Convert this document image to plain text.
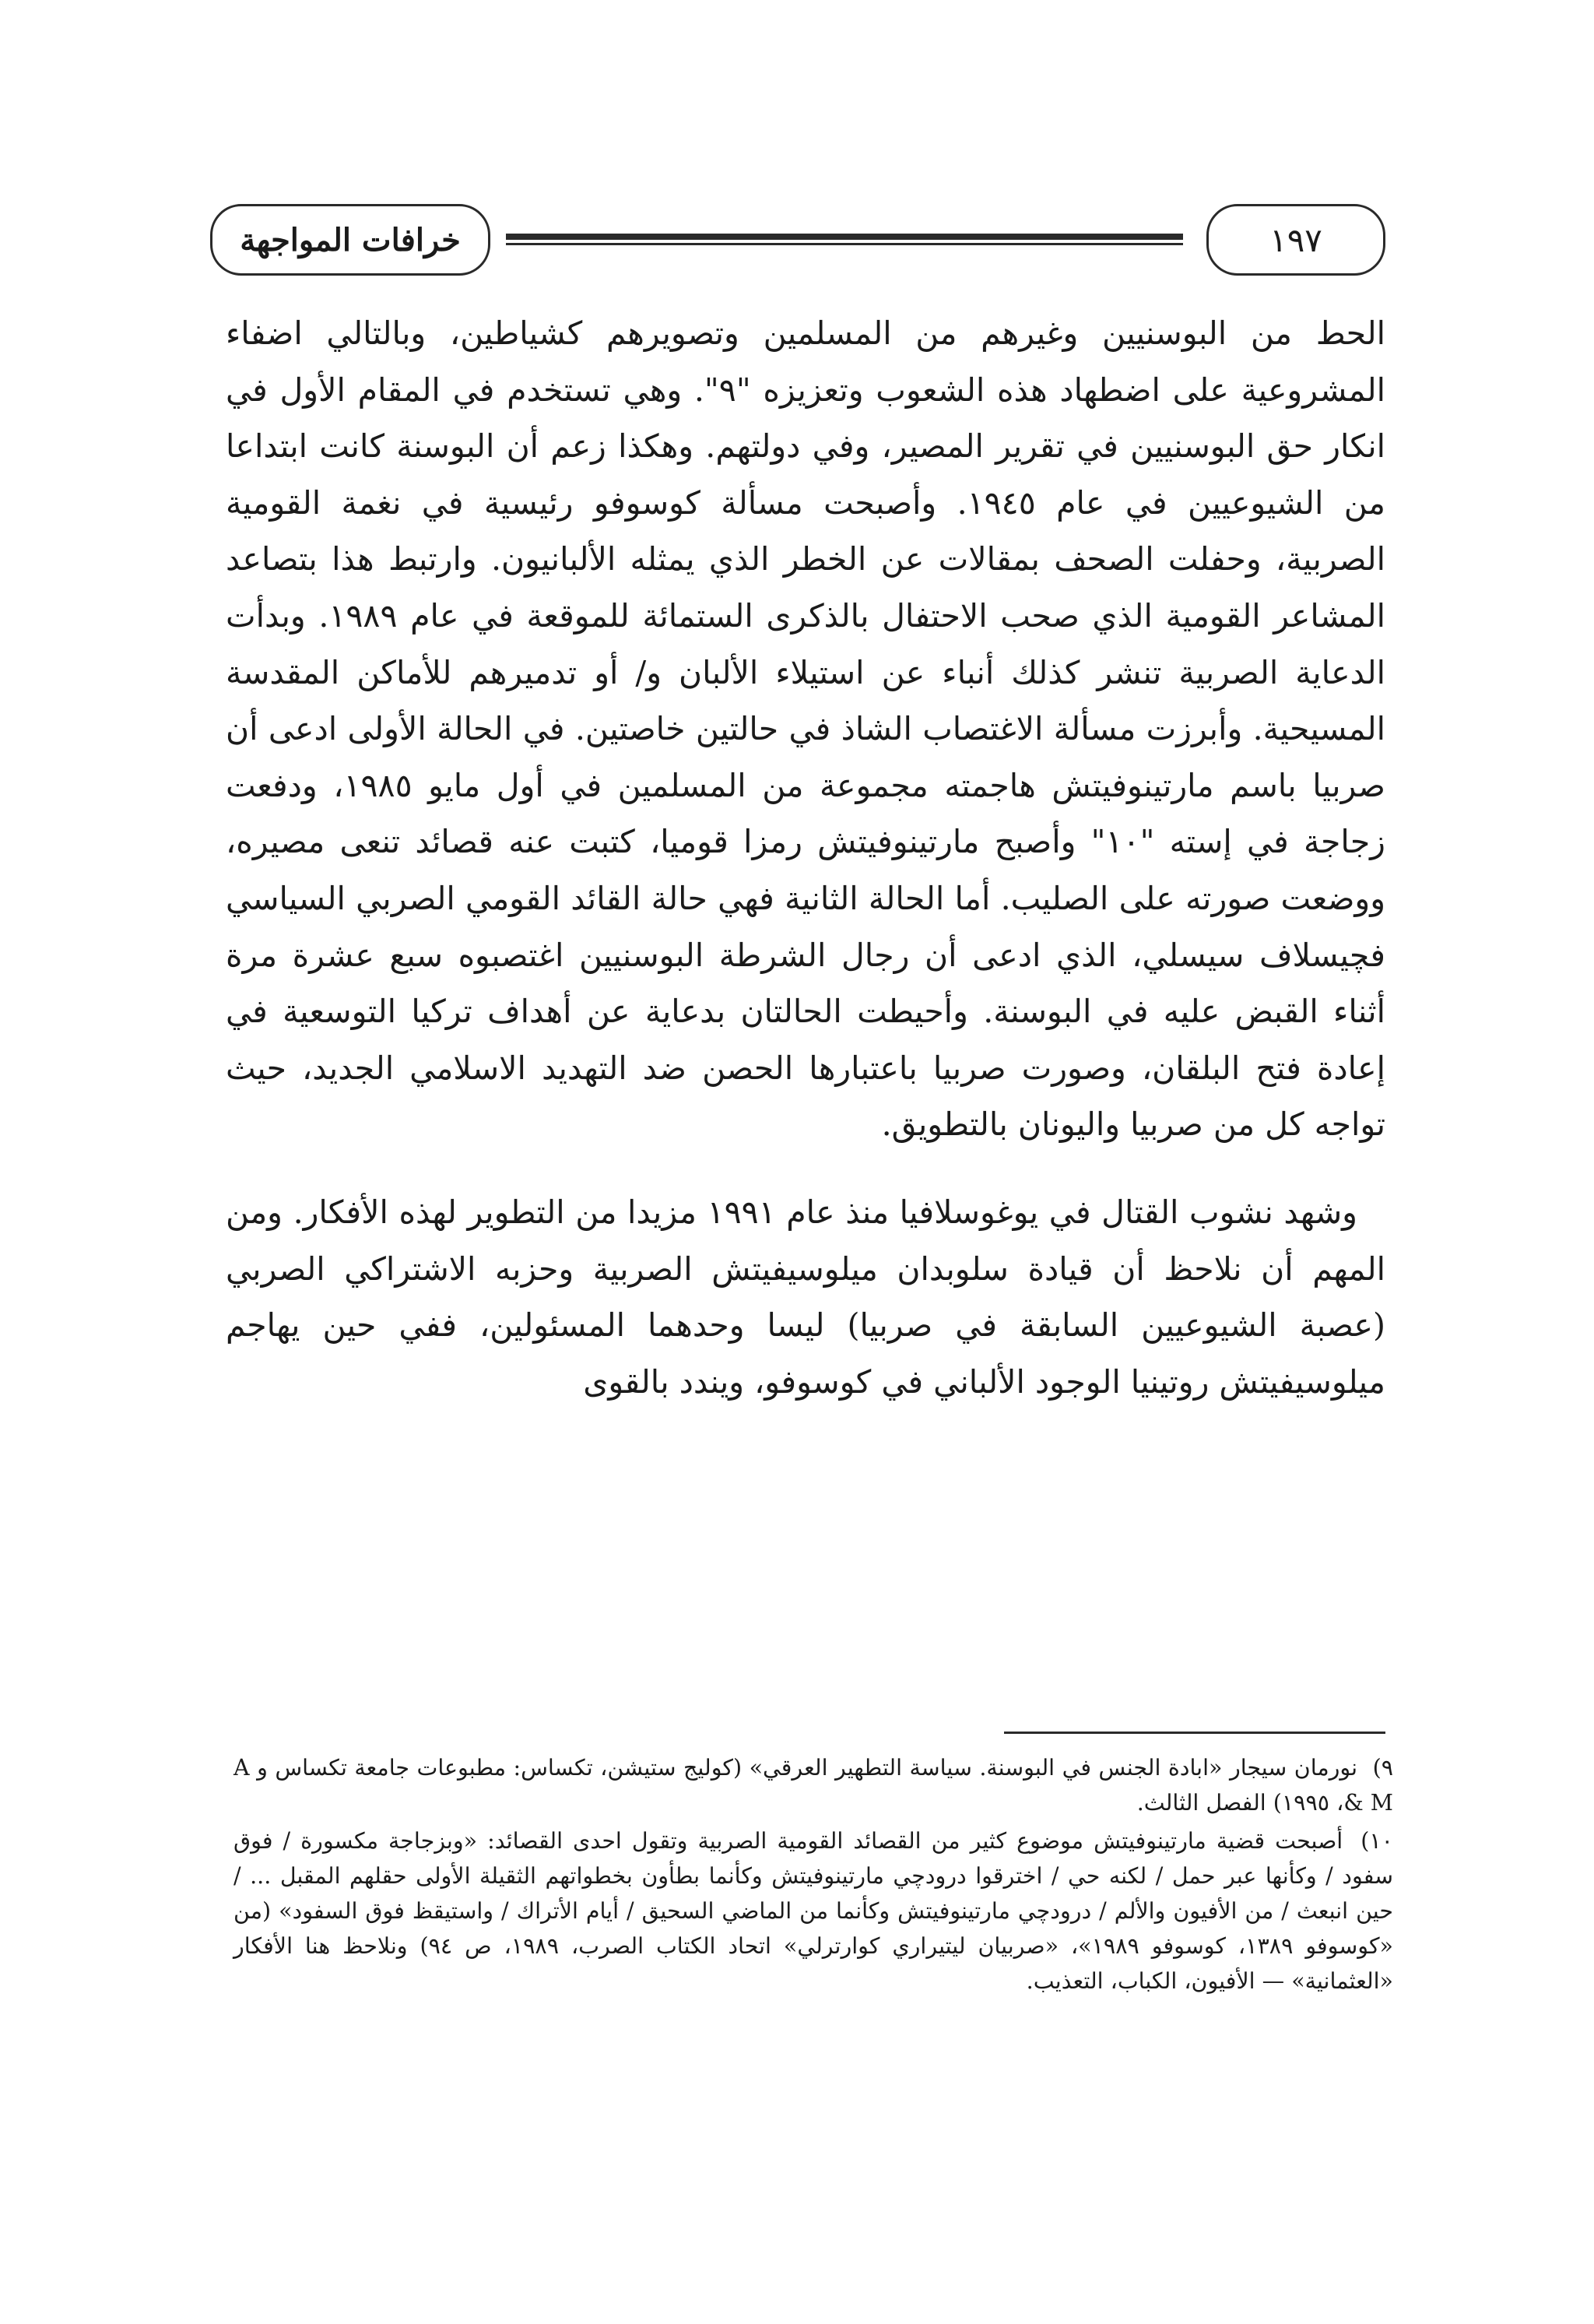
خرافات المواجهة	١٩٧

الحط من البوسنيين وغيرهم من المسلمين وتصويرهم كشياطين، وبالتالي اضفاء المشروعية على اضطهاد هذه الشعوب وتعزيزه "٩". وهي تستخدم في المقام الأول في انكار حق البوسنيين في تقرير المصير، وفي دولتهم. وهكذا زعم أن البوسنة كانت ابتداعا من الشيوعيين في عام ١٩٤٥. وأصبحت مسألة كوسوفو رئيسية في نغمة القومية الصربية، وحفلت الصحف بمقالات عن الخطر الذي يمثله الألبانيون. وارتبط هذا بتصاعد المشاعر القومية الذي صحب الاحتفال بالذكرى الستمائة للموقعة في عام ١٩٨٩. وبدأت الدعاية الصربية تنشر كذلك أنباء عن استيلاء الألبان و/ أو تدميرهم للأماكن المقدسة المسيحية. وأبرزت مسألة الاغتصاب الشاذ في حالتين خاصتين. في الحالة الأولى ادعى أن صربيا باسم مارتينوفيتش هاجمته مجموعة من المسلمين في أول مايو ١٩٨٥، ودفعت زجاجة في إسته "١٠" وأصبح مارتينوفيتش رمزا قوميا، كتبت عنه قصائد تنعى مصيره، ووضعت صورته على الصليب. أما الحالة الثانية فهي حالة القائد القومي الصربي السياسي فچيسلاف سيسلي، الذي ادعى أن رجال الشرطة البوسنيين اغتصبوه سبع عشرة مرة أثناء القبض عليه في البوسنة. وأحيطت الحالتان بدعاية عن أهداف تركيا التوسعية في إعادة فتح البلقان، وصورت صربيا باعتبارها الحصن ضد التهديد الاسلامي الجديد، حيث تواجه كل من صربيا واليونان بالتطويق.

وشهد نشوب القتال في يوغوسلافيا منذ عام ١٩٩١ مزيدا من التطوير لهذه الأفكار. ومن المهم أن نلاحظ أن قيادة سلوبدان ميلوسيفيتش الصربية وحزبه الاشتراكي الصربي (عصبة الشيوعيين السابقة في صربيا) ليسا وحدهما المسئولين، ففي حين يهاجم ميلوسيفيتش روتينيا الوجود الألباني في كوسوفو، ويندد بالقوى

٩) نورمان سيجار «ابادة الجنس في البوسنة. سياسة التطهير العرقي» (كوليج ستيشن، تكساس: مطبوعات جامعة تكساس و A & M، ١٩٩٥) الفصل الثالث.

١٠) أصبحت قضية مارتينوفيتش موضوع كثير من القصائد القومية الصربية وتقول احدى القصائد: «وبزجاجة مكسورة / فوق سفود / وكأنها عبر حمل / لكنه حي / اخترقوا درودچي مارتينوفيتش وكأنما بطأون بخطواتهم الثقيلة الأولى حقلهم المقبل ... / حين انبعث / من الأفيون والألم / درودچي مارتينوفيتش وكأنما من الماضي السحيق / أيام الأتراك / واستيقظ فوق السفود» (من «كوسوفو ١٣٨٩، كوسوفو ١٩٨٩»، «صربيان ليتيراري كوارترلي» اتحاد الكتاب الصرب، ١٩٨٩، ص ٩٤) ونلاحظ هنا الأفكار «العثمانية» — الأفيون، الكباب، التعذيب.
